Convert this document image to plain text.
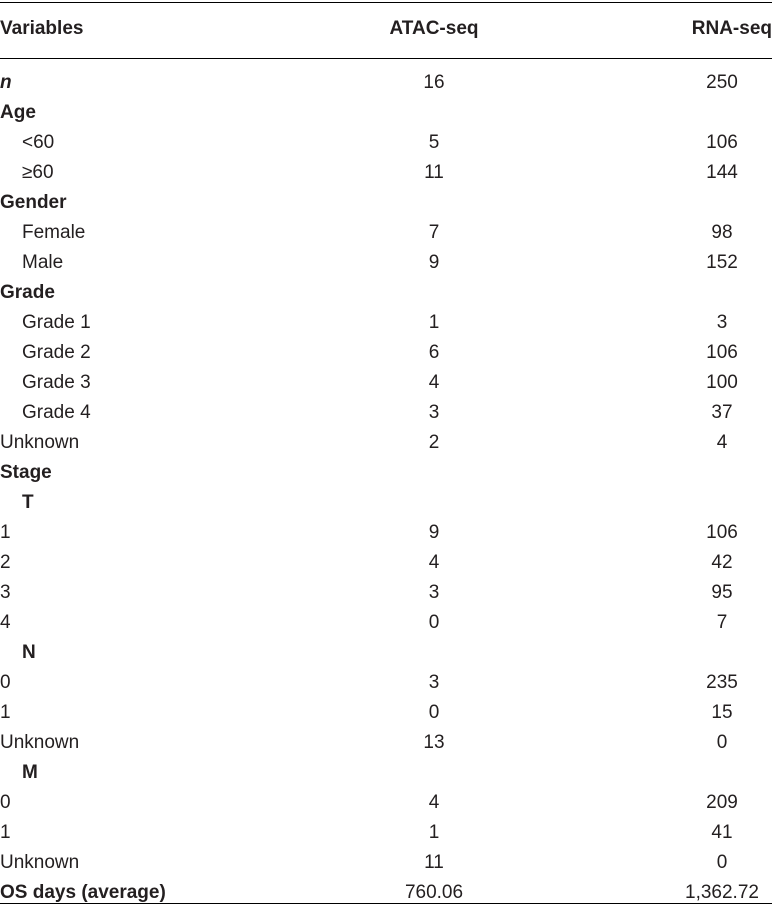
Variables	ATAC-seq	RNA-seq
n	16	250
Age
<60	5	106
≥60	11	144
Gender
Female	7	98
Male	9	152
Grade
Grade 1	1	3
Grade 2	6	106
Grade 3	4	100
Grade 4	3	37
Unknown	2	4
Stage
T
1	9	106
2	4	42
3	3	95
4	0	7
N
0	3	235
1	0	15
Unknown	13	0
M
0	4	209
1	1	41
Unknown	11	0
OS days (average)	760.06	1,362.72
